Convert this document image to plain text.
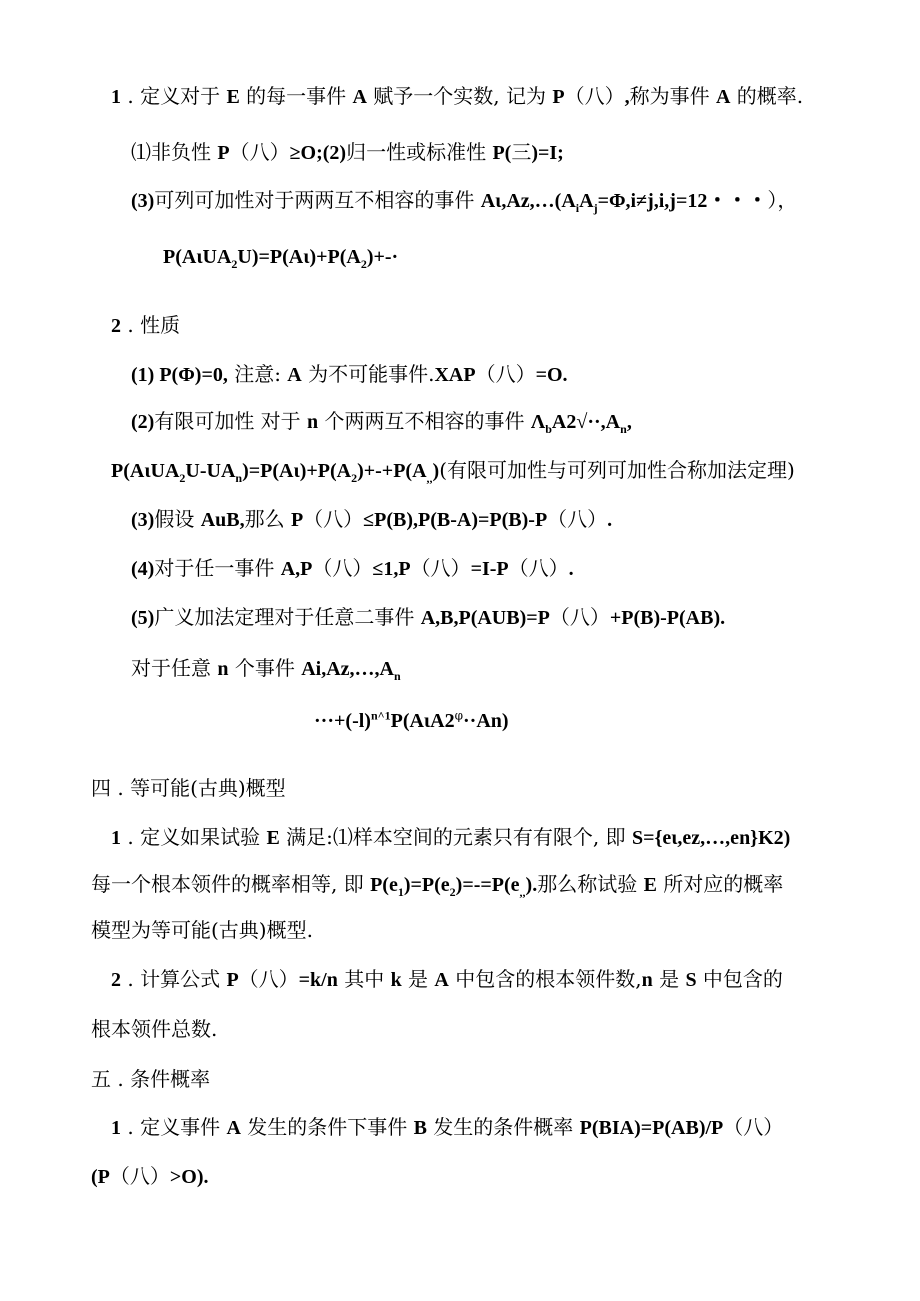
1 . 定义对于 E 的每一事件 A 赋予一个实数, 记为 P（八）,称为事件 A 的概率.
⑴非负性 P（八）≥O;(2)归一性或标准性 P(三)=I;
(3)可列可加性对于两两互不相容的事件 $A\iota,Az,\dots(A_iA_j=\Phi,i\ne j,i,j=12$・・・），
$P(A\iota UA_2U)=P(A\iota)+P(A_2)+-\cdot$
2 . 性质
(1) P(Φ)=0, 注意: A 为不可能事件.XAP（八）=O.
(2)有限可加性 对于 n 个两两互不相容的事件 $\Lambda_bA2√\cdot\cdot,A_n$,
$P(A\iota UA_2U-UA_n)=P(A\iota)+P(A_2)+-+P(A_{,,})$(有限可加性与可列可加性合称加法定理)
(3)假设 AuB,那么 P（八）≤P(B),P(B-A)=P(B)-P（八）.
(4)对于任一事件 A,P（八）≤1,P（八）=I-P（八）.
(5)广义加法定理对于任意二事件 A,B,P(AUB)=P（八）+P(B)-P(AB).
对于任意 n 个事件 $Ai,Az,\dots,A_n$
$\cdot\cdot\cdot+(-l)^{n\^{}1}P(A\iota A2^\varphi\cdot\cdot An)$
四 . 等可能(古典)概型
1 . 定义如果试验 E 满足:⑴样本空间的元素只有有限个, 即 S={eι,ez,…,en}K2)
每一个根本领件的概率相等, 即 $P(e_1)=P(e_2)=-=P(e_{,,})$.那么称试验 E 所对应的概率
模型为等可能(古典)概型.
2 . 计算公式 P（八）=k/n 其中 k 是 A 中包含的根本领件数,n 是 S 中包含的
根本领件总数.
五 . 条件概率
1 . 定义事件 A 发生的条件下事件 B 发生的条件概率 P(BIA)=P(AB)/P（八）
(P（八）>O).
